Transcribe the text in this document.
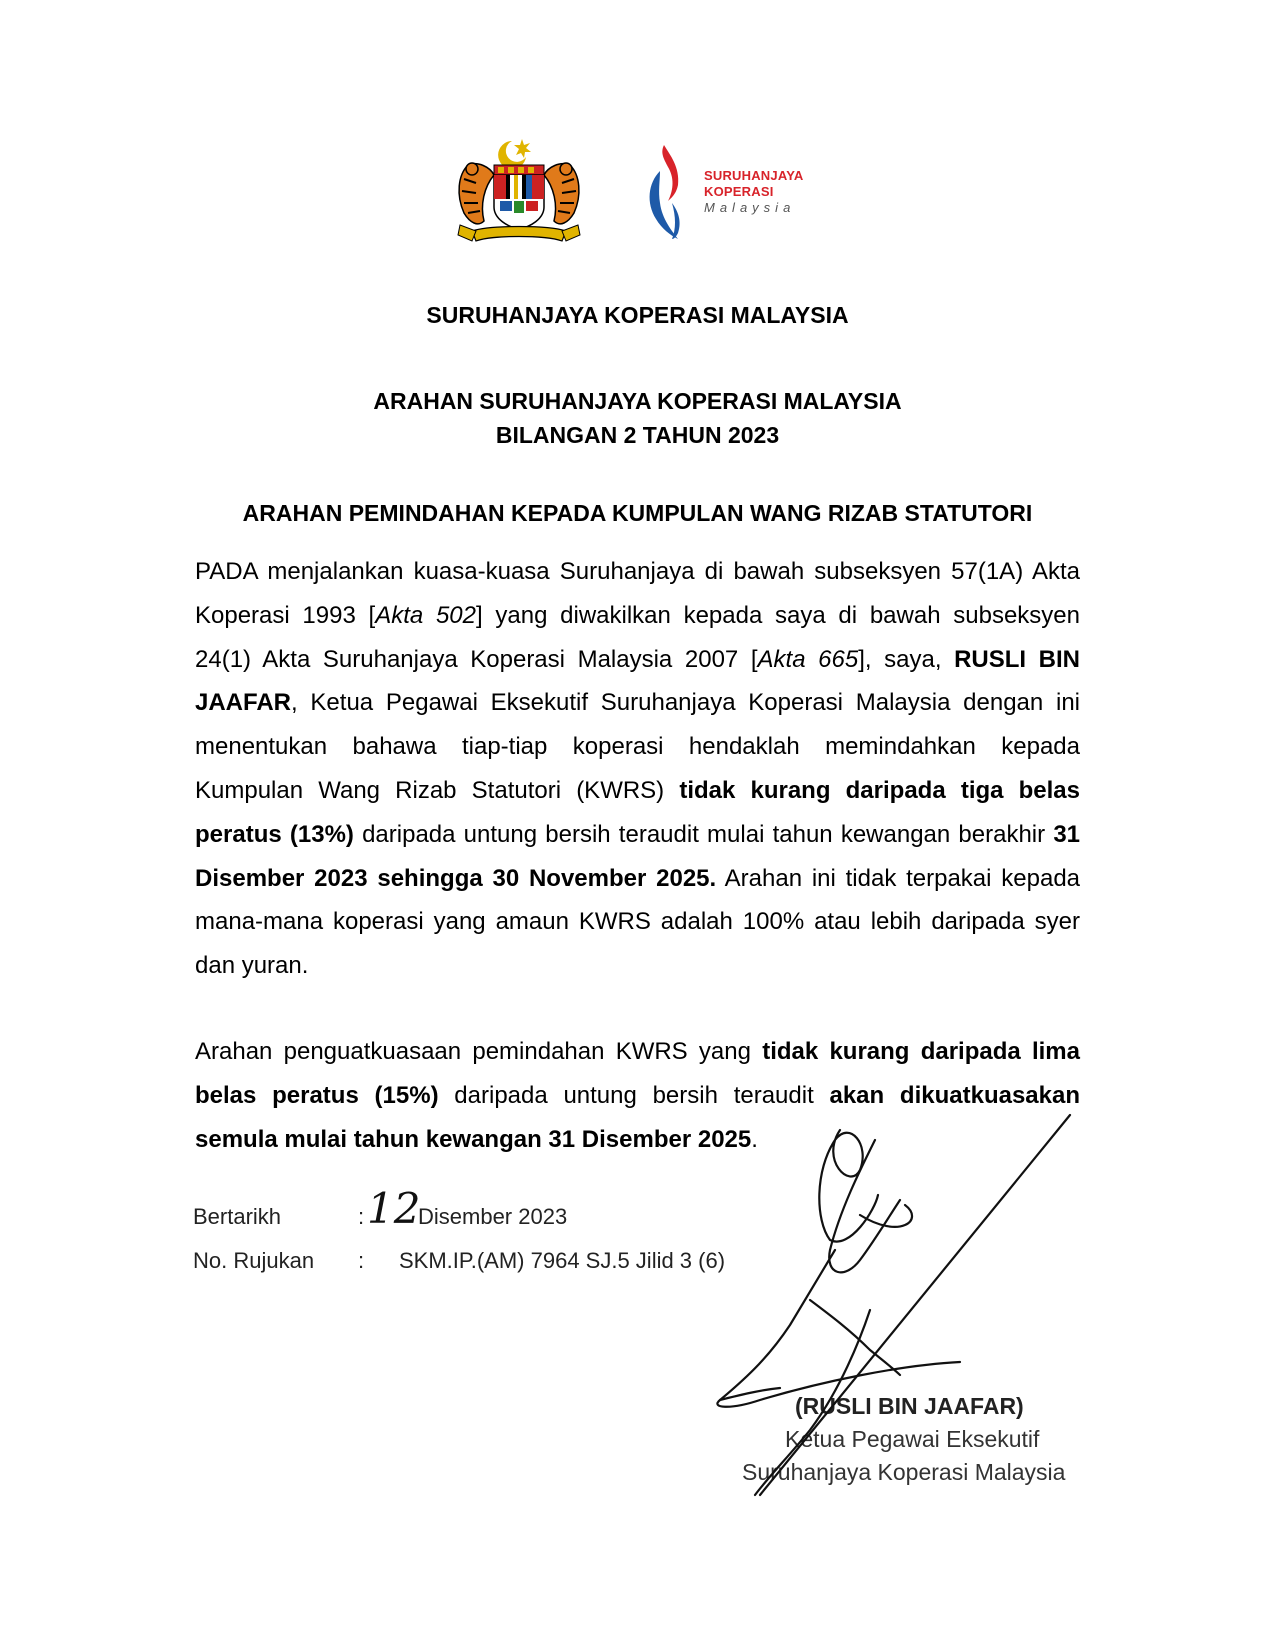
SURUHANJAYA
KOPERASI
Malaysia
SURUHANJAYA KOPERASI MALAYSIA
ARAHAN SURUHANJAYA KOPERASI MALAYSIA
BILANGAN 2 TAHUN 2023
ARAHAN PEMINDAHAN KEPADA KUMPULAN WANG RIZAB STATUTORI

PADA menjalankan kuasa-kuasa Suruhanjaya di bawah subseksyen 57(1A) Akta Koperasi 1993 [Akta 502] yang diwakilkan kepada saya di bawah subseksyen 24(1) Akta Suruhanjaya Koperasi Malaysia 2007 [Akta 665], saya, RUSLI BIN JAAFAR, Ketua Pegawai Eksekutif Suruhanjaya Koperasi Malaysia dengan ini menentukan bahawa tiap-tiap koperasi hendaklah memindahkan kepada Kumpulan Wang Rizab Statutori (KWRS) tidak kurang daripada tiga belas peratus (13%) daripada untung bersih teraudit mulai tahun kewangan berakhir 31 Disember 2023 sehingga 30 November 2025. Arahan ini tidak terpakai kepada mana-mana koperasi yang amaun KWRS adalah 100% atau lebih daripada syer dan yuran.

Arahan penguatkuasaan pemindahan KWRS yang tidak kurang daripada lima belas peratus (15%) daripada untung bersih teraudit akan dikuatkuasakan semula mulai tahun kewangan 31 Disember 2025.

Bertarikh	: 12
Disember 2023
No. Rujukan : SKM.IP.(AM) 7964 SJ.5 Jilid 3 (6)
(RUSLI BIN JAAFAR)
Ketua Pegawai Eksekutif
Suruhanjaya Koperasi Malaysia
